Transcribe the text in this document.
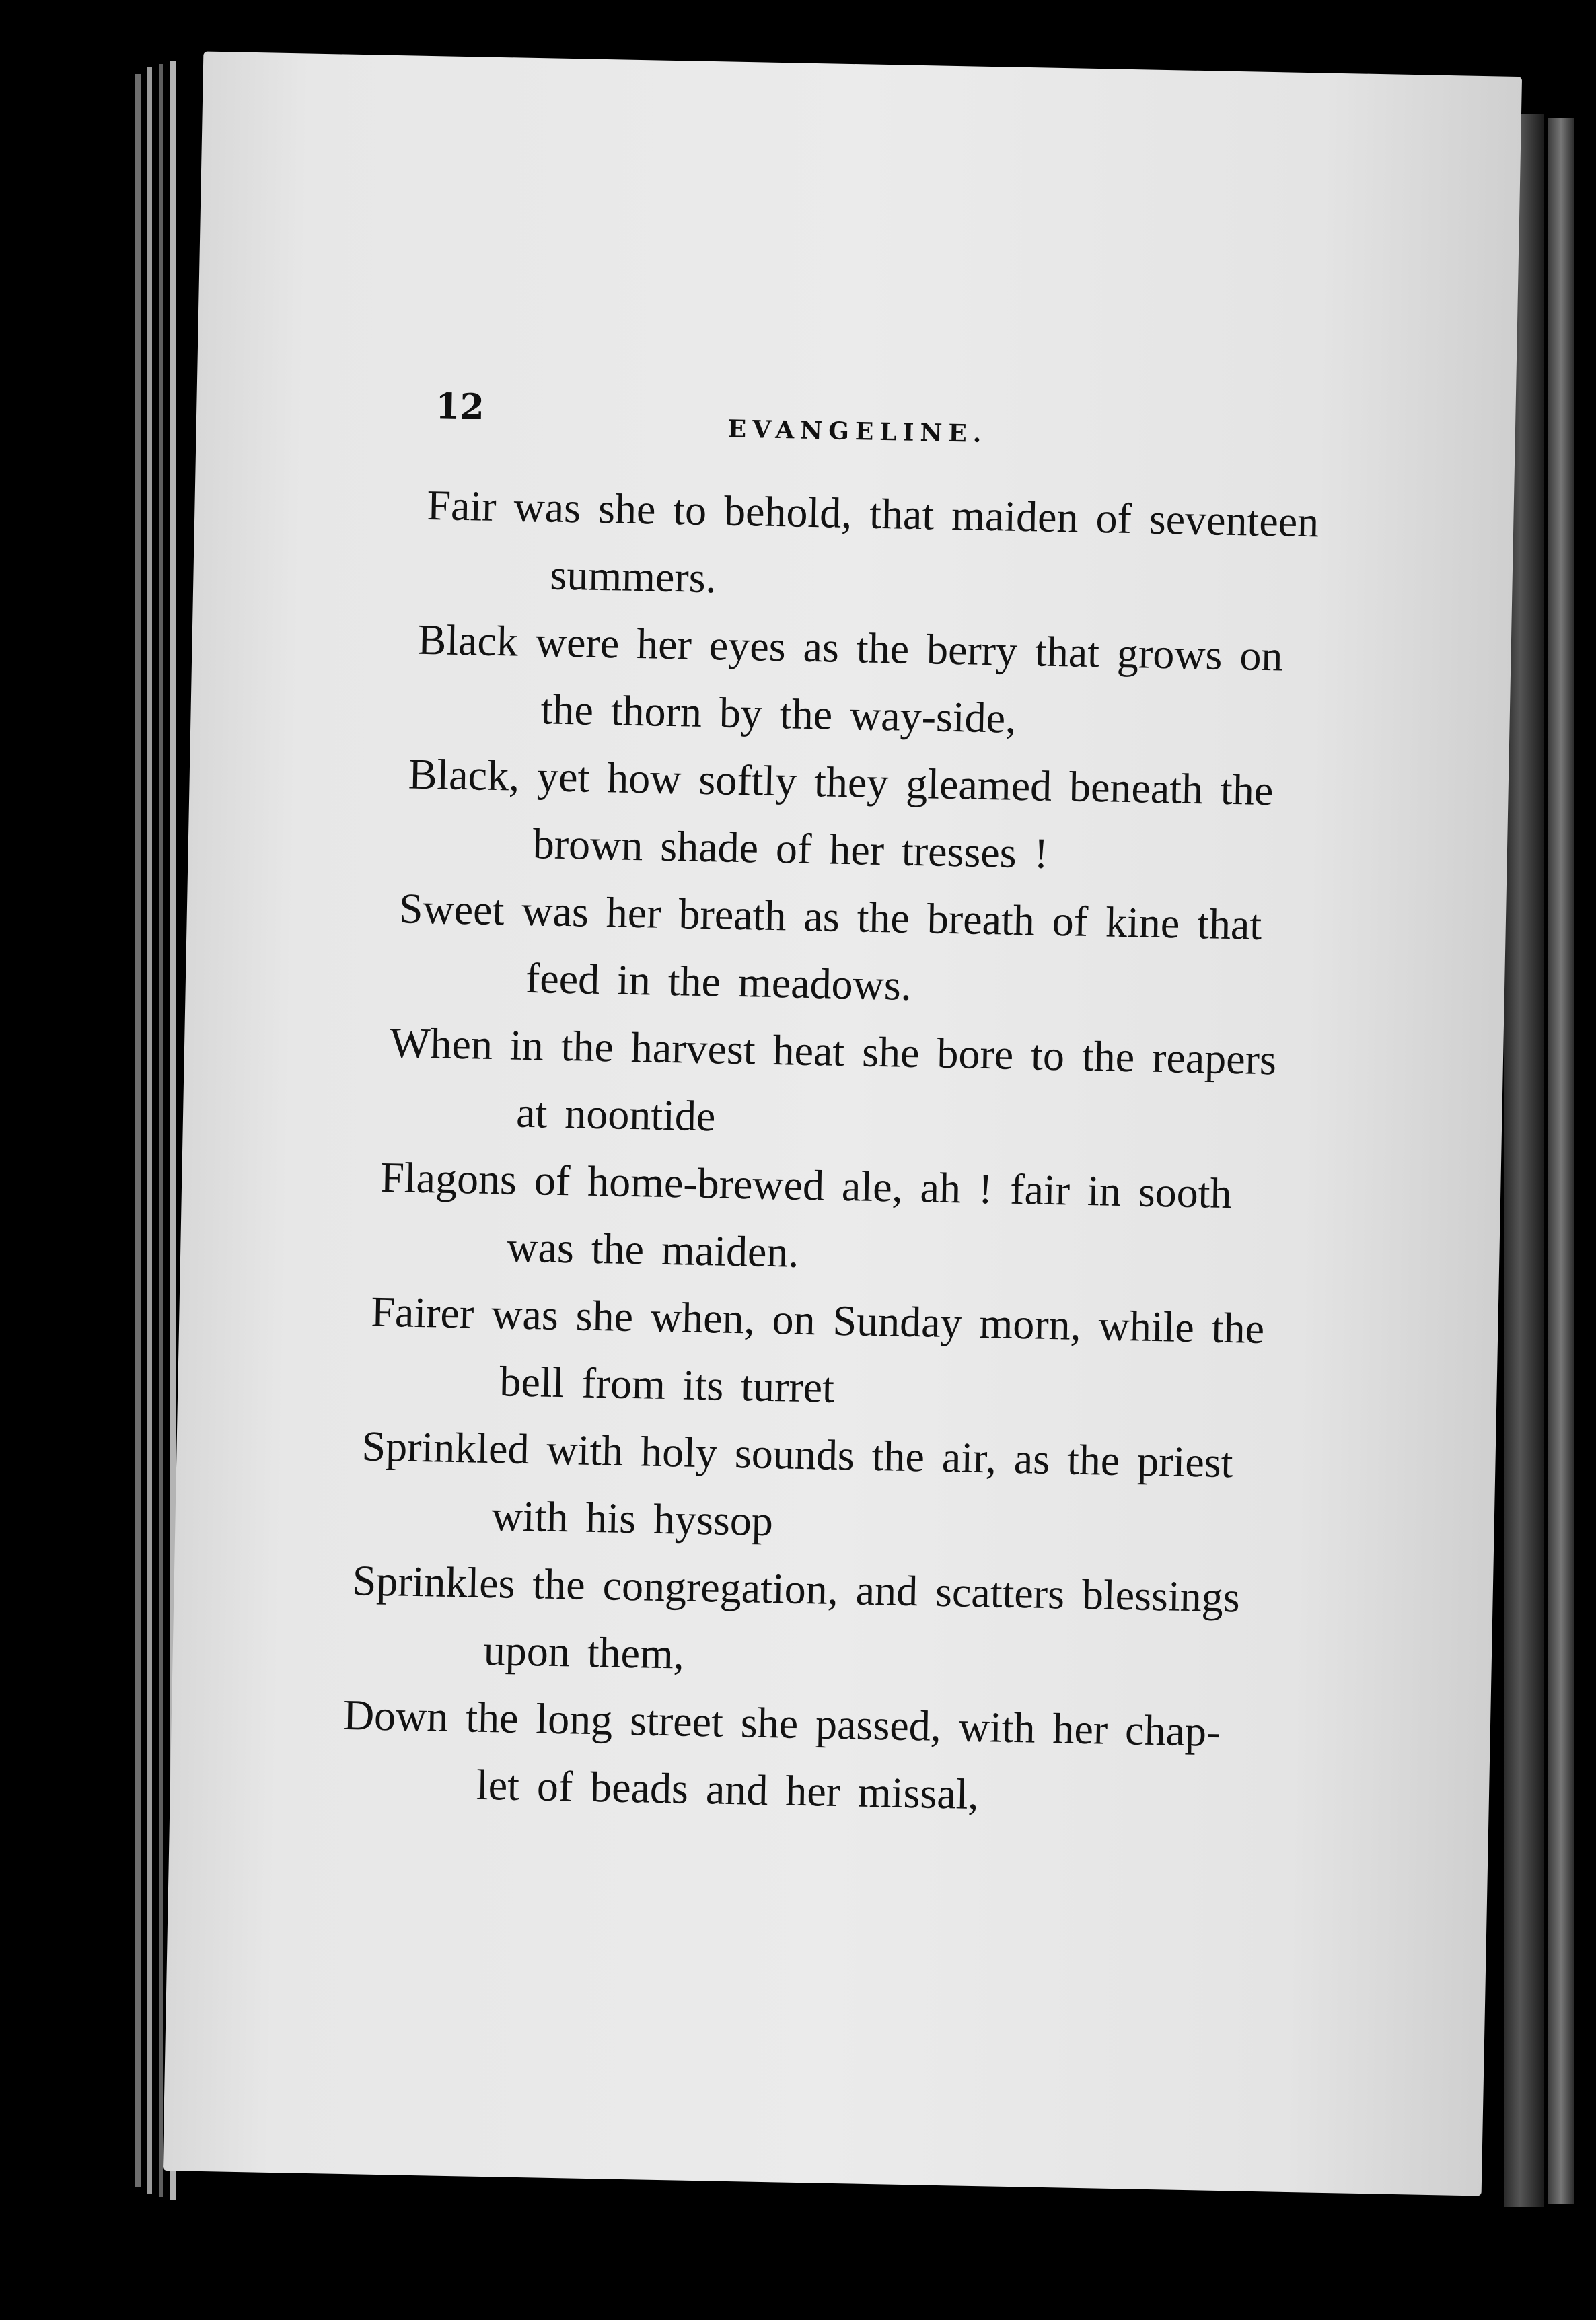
12
EVANGELINE.
Fair was she to behold, that maiden of seventeen
summers.
Black were her eyes as the berry that grows on
the thorn by the way-side,
Black, yet how softly they gleamed beneath the
brown shade of her tresses !
Sweet was her breath as the breath of kine that
feed in the meadows.
When in the harvest heat she bore to the reapers
at noontide
Flagons of home-brewed ale, ah ! fair in sooth
was the maiden.
Fairer was she when, on Sunday morn, while the
bell from its turret
Sprinkled with holy sounds the air, as the priest
with his hyssop
Sprinkles the congregation, and scatters blessings
upon them,
Down the long street she passed, with her chap-
let of beads and her missal,
